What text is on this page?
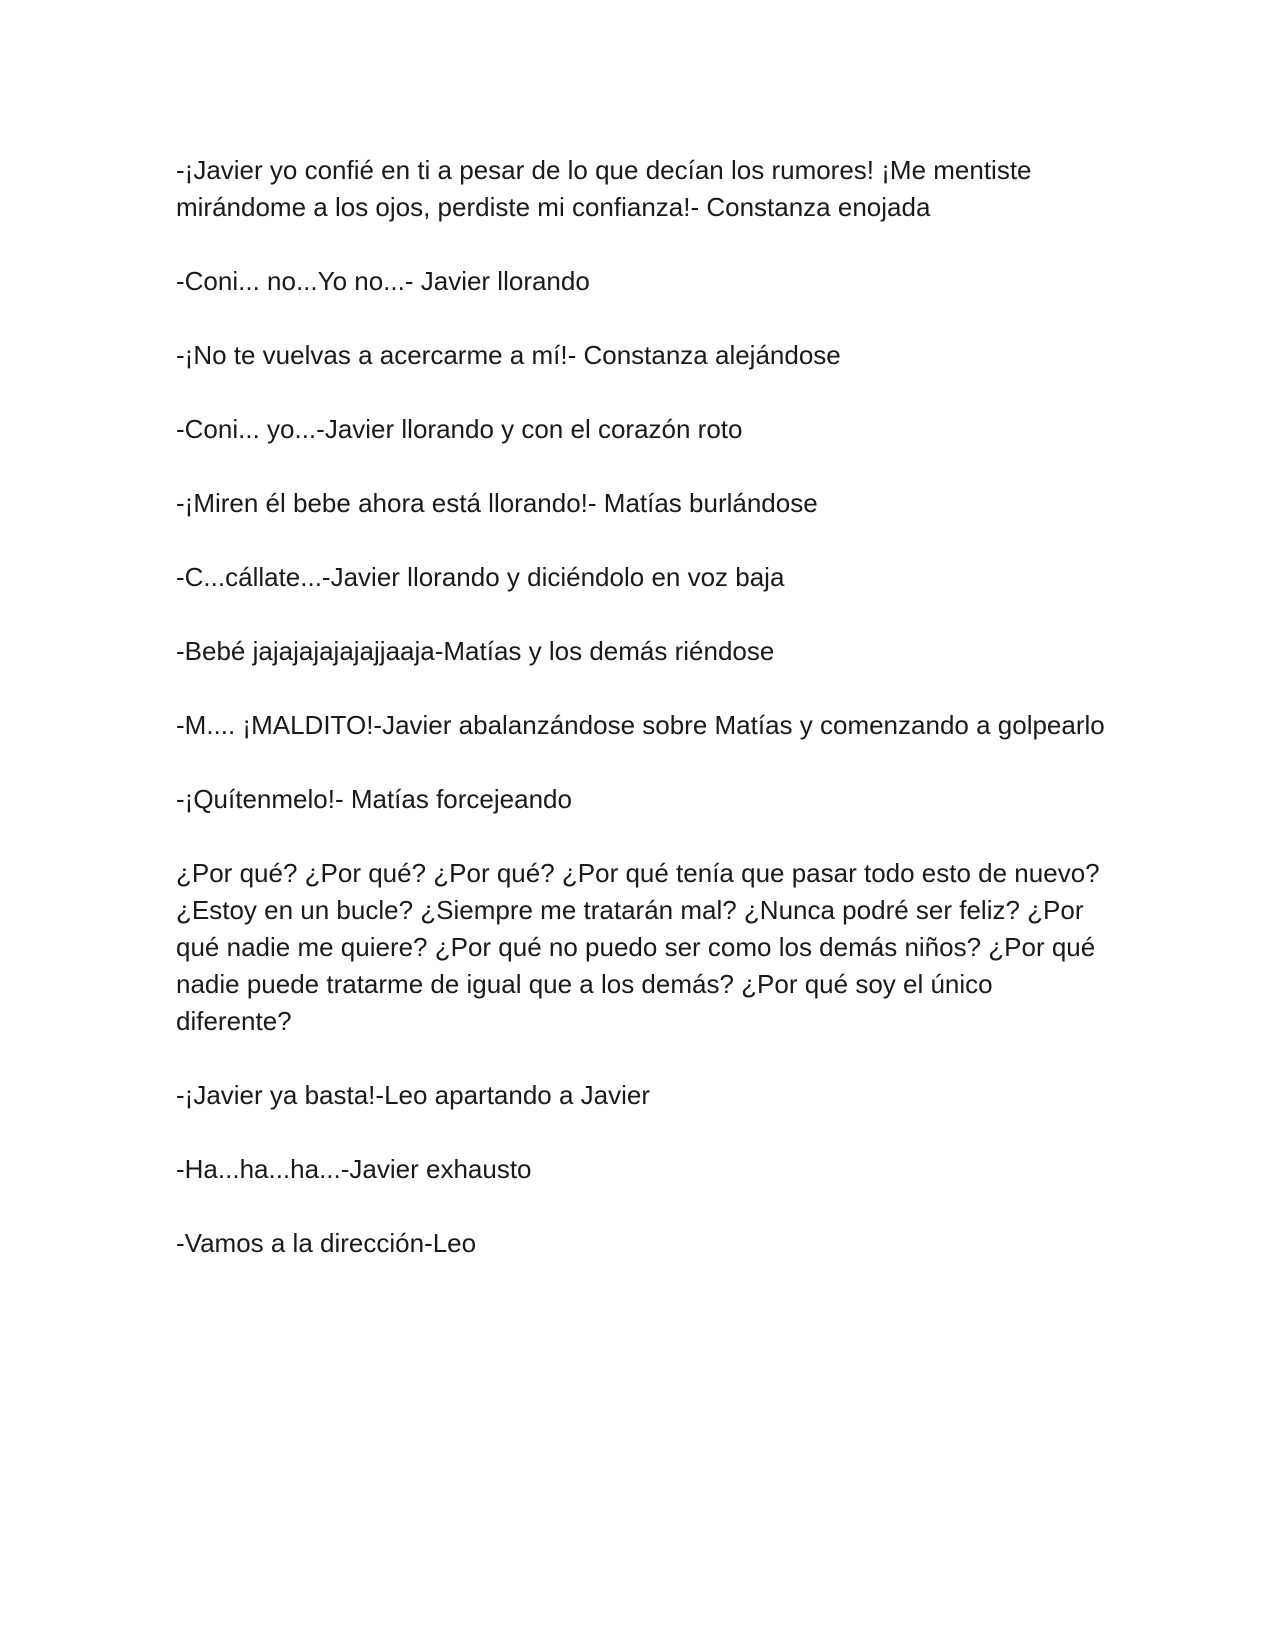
-¡Javier yo confié en ti a pesar de lo que decían los rumores! ¡Me mentiste mirándome a los ojos, perdiste mi confianza!- Constanza enojada

-Coni... no...Yo no...- Javier llorando

-¡No te vuelvas a acercarme a mí!- Constanza alejándose

-Coni... yo...-Javier llorando y con el corazón roto

-¡Miren él bebe ahora está llorando!- Matías burlándose

-C...cállate...-Javier llorando y diciéndolo en voz baja

-Bebé jajajajajajajjaaja-Matías y los demás riéndose

-M.... ¡MALDITO!-Javier abalanzándose sobre Matías y comenzando a golpearlo

-¡Quítenmelo!- Matías forcejeando

¿Por qué? ¿Por qué? ¿Por qué? ¿Por qué tenía que pasar todo esto de nuevo? ¿Estoy en un bucle? ¿Siempre me tratarán mal? ¿Nunca podré ser feliz? ¿Por qué nadie me quiere? ¿Por qué no puedo ser como los demás niños? ¿Por qué nadie puede tratarme de igual que a los demás? ¿Por qué soy el único diferente?

-¡Javier ya basta!-Leo apartando a Javier

-Ha...ha...ha...-Javier exhausto

-Vamos a la dirección-Leo
